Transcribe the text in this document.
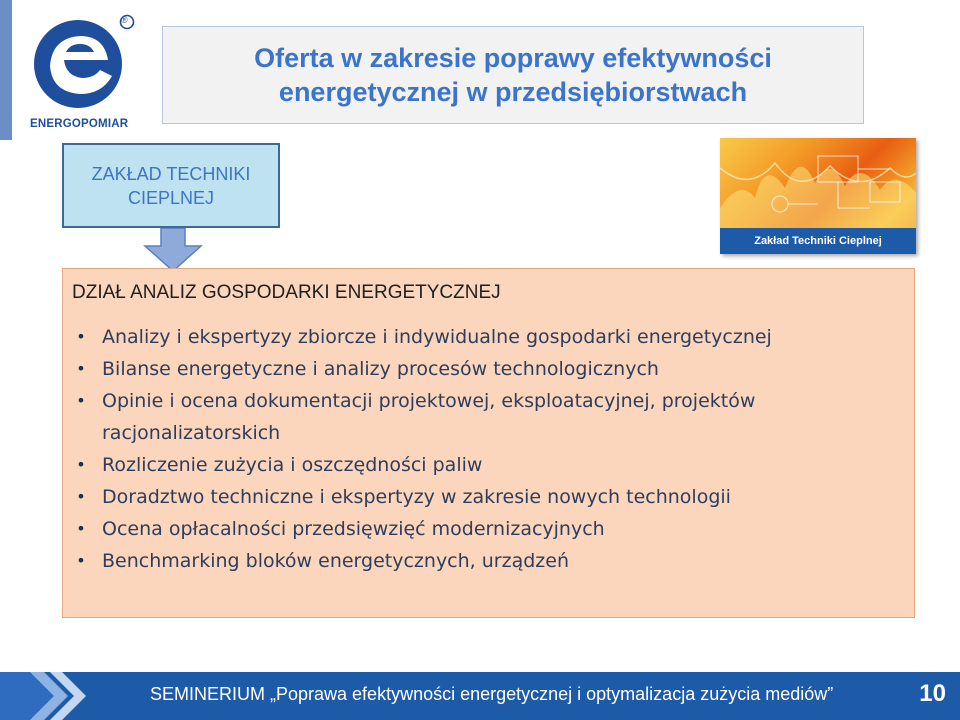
ENERGOPOMIAR
®
Oferta w zakresie poprawy efektywności
energetycznej w przedsiębiorstwach
ZAKŁAD TECHNIKI
CIEPLNEJ
Zakład Techniki Cieplnej
DZIAŁ ANALIZ GOSPODARKI ENERGETYCZNEJ
• Analizy i ekspertyzy zbiorcze i indywidualne gospodarki energetycznej
• Bilanse energetyczne i analizy procesów technologicznych
• Opinie i ocena dokumentacji projektowej, eksploatacyjnej, projektów racjonalizatorskich
• Rozliczenie zużycia i oszczędności paliw
• Doradztwo techniczne i ekspertyzy w zakresie nowych technologii
• Ocena opłacalności przedsięwzięć modernizacyjnych
• Benchmarking bloków energetycznych, urządzeń
SEMINERIUM „Poprawa efektywności energetycznej i optymalizacja zużycia mediów”	10
